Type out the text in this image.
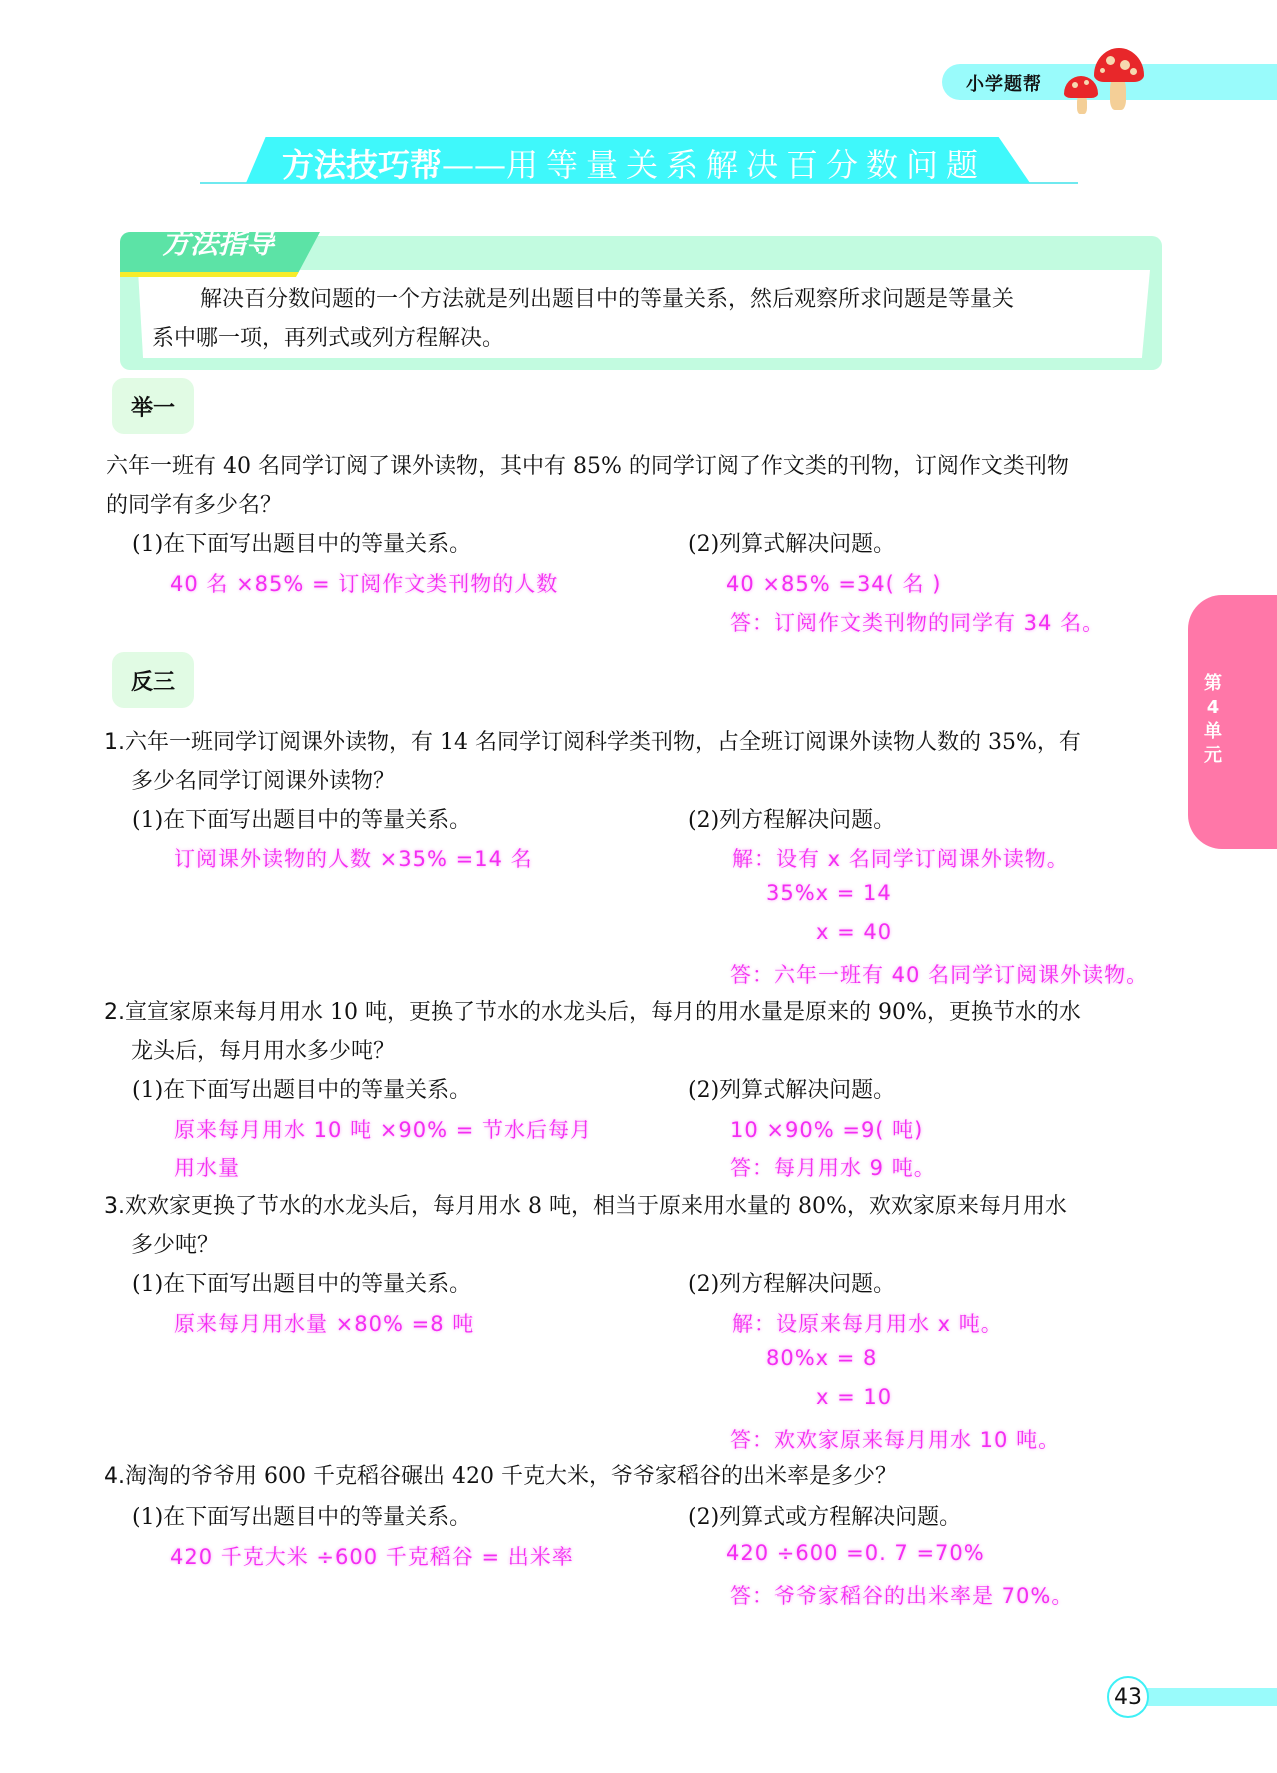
小学题帮
方法技巧帮——用等量关系解决百分数问题
方法指导
解决百分数问题的一个方法就是列出题目中的等量关系，然后观察所求问题是等量关
系中哪一项，再列式或列方程解决。
举一
六年一班有 40 名同学订阅了课外读物，其中有 85% 的同学订阅了作文类的刊物，订阅作文类刊物
的同学有多少名？
(1)在下面写出题目中的等量关系。	(2)列算式解决问题。
40 名 ×85% = 订阅作文类刊物的人数	40 ×85% =34( 名 )
答：订阅作文类刊物的同学有 34 名。
反三
1.六年一班同学订阅课外读物，有 14 名同学订阅科学类刊物，占全班订阅课外读物人数的 35%，有
多少名同学订阅课外读物？
(1)在下面写出题目中的等量关系。	(2)列方程解决问题。
订阅课外读物的人数 ×35% =14 名	解：设有 x 名同学订阅课外读物。
35%x = 14
x = 40
答：六年一班有 40 名同学订阅课外读物。
2.宣宣家原来每月用水 10 吨，更换了节水的水龙头后，每月的用水量是原来的 90%，更换节水的水
龙头后，每月用水多少吨？
(1)在下面写出题目中的等量关系。	(2)列算式解决问题。
原来每月用水 10 吨 ×90% = 节水后每月
用水量
10 ×90% =9( 吨)
答：每月用水 9 吨。
3.欢欢家更换了节水的水龙头后，每月用水 8 吨，相当于原来用水量的 80%，欢欢家原来每月用水
多少吨？
(1)在下面写出题目中的等量关系。	(2)列方程解决问题。
原来每月用水量 ×80% =8 吨	解：设原来每月用水 x 吨。
80%x = 8
x = 10
答：欢欢家原来每月用水 10 吨。
4.淘淘的爷爷用 600 千克稻谷碾出 420 千克大米，爷爷家稻谷的出米率是多少？
(1)在下面写出题目中的等量关系。	(2)列算式或方程解决问题。
420 千克大米 ÷600 千克稻谷 = 出米率	420 ÷600 =0. 7 =70%
答：爷爷家稻谷的出米率是 70%。
第
4
单
元
43
